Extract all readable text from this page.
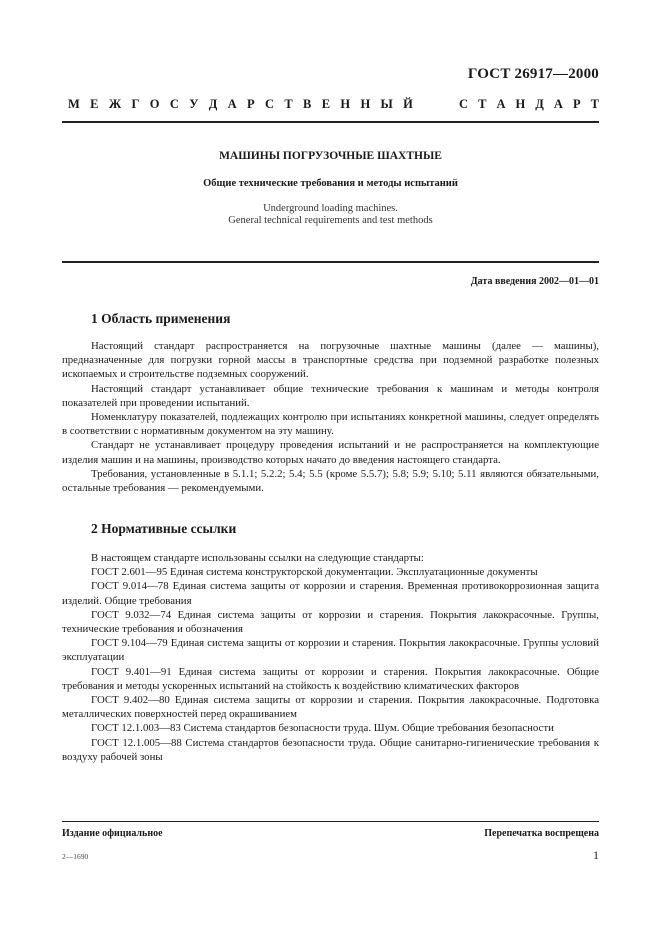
ГОСТ 26917—2000
М Е Ж Г О С У Д А Р С Т В Е Н Н Ы Й	С Т А Н Д А Р Т
МАШИНЫ ПОГРУЗОЧНЫЕ ШАХТНЫЕ
Общие технические требования и методы испытаний
Underground loading machines.
General technical requirements and test methods
Дата введения 2002—01—01
1 Область применения

Настоящий стандарт распространяется на погрузочные шахтные машины (далее — машины), предназначенные для погрузки горной массы в транспортные средства при подземной разработке полезных ископаемых и строительстве подземных сооружений.

Настоящий стандарт устанавливает общие технические требования к машинам и методы контроля показателей при проведении испытаний.

Номенклатуру показателей, подлежащих контролю при испытаниях конкретной машины, следует определять в соответствии с нормативным документом на эту машину.

Стандарт не устанавливает процедуру проведения испытаний и не распространяется на комплектующие изделия машин и на машины, производство которых начато до введения настоящего стандарта.

Требования, установленные в 5.1.1; 5.2.2; 5.4; 5.5 (кроме 5.5.7); 5.8; 5.9; 5.10; 5.11 являются обязательными, остальные требования — рекомендуемыми.

2 Нормативные ссылки

В настоящем стандарте использованы ссылки на следующие стандарты:

ГОСТ 2.601—95 Единая система конструкторской документации. Эксплуатационные документы

ГОСТ 9.014—78 Единая система защиты от коррозии и старения. Временная противокоррозионная защита изделий. Общие требования

ГОСТ 9.032—74 Единая система защиты от коррозии и старения. Покрытия лакокрасочные. Группы, технические требования и обозначения

ГОСТ 9.104—79 Единая система защиты от коррозии и старения. Покрытия лакокрасочные. Группы условий эксплуатации

ГОСТ 9.401—91 Единая система защиты от коррозии и старения. Покрытия лакокрасочные. Общие требования и методы ускоренных испытаний на стойкость к воздействию климатических факторов

ГОСТ 9.402—80 Единая система защиты от коррозии и старения. Покрытия лакокрасочные. Подготовка металлических поверхностей перед окрашиванием

ГОСТ 12.1.003—83 Система стандартов безопасности труда. Шум. Общие требования безопасности

ГОСТ 12.1.005—88 Система стандартов безопасности труда. Общие санитарно-гигиенические требования к воздуху рабочей зоны

Издание официальное	Перепечатка воспрещена
2—1690	1
